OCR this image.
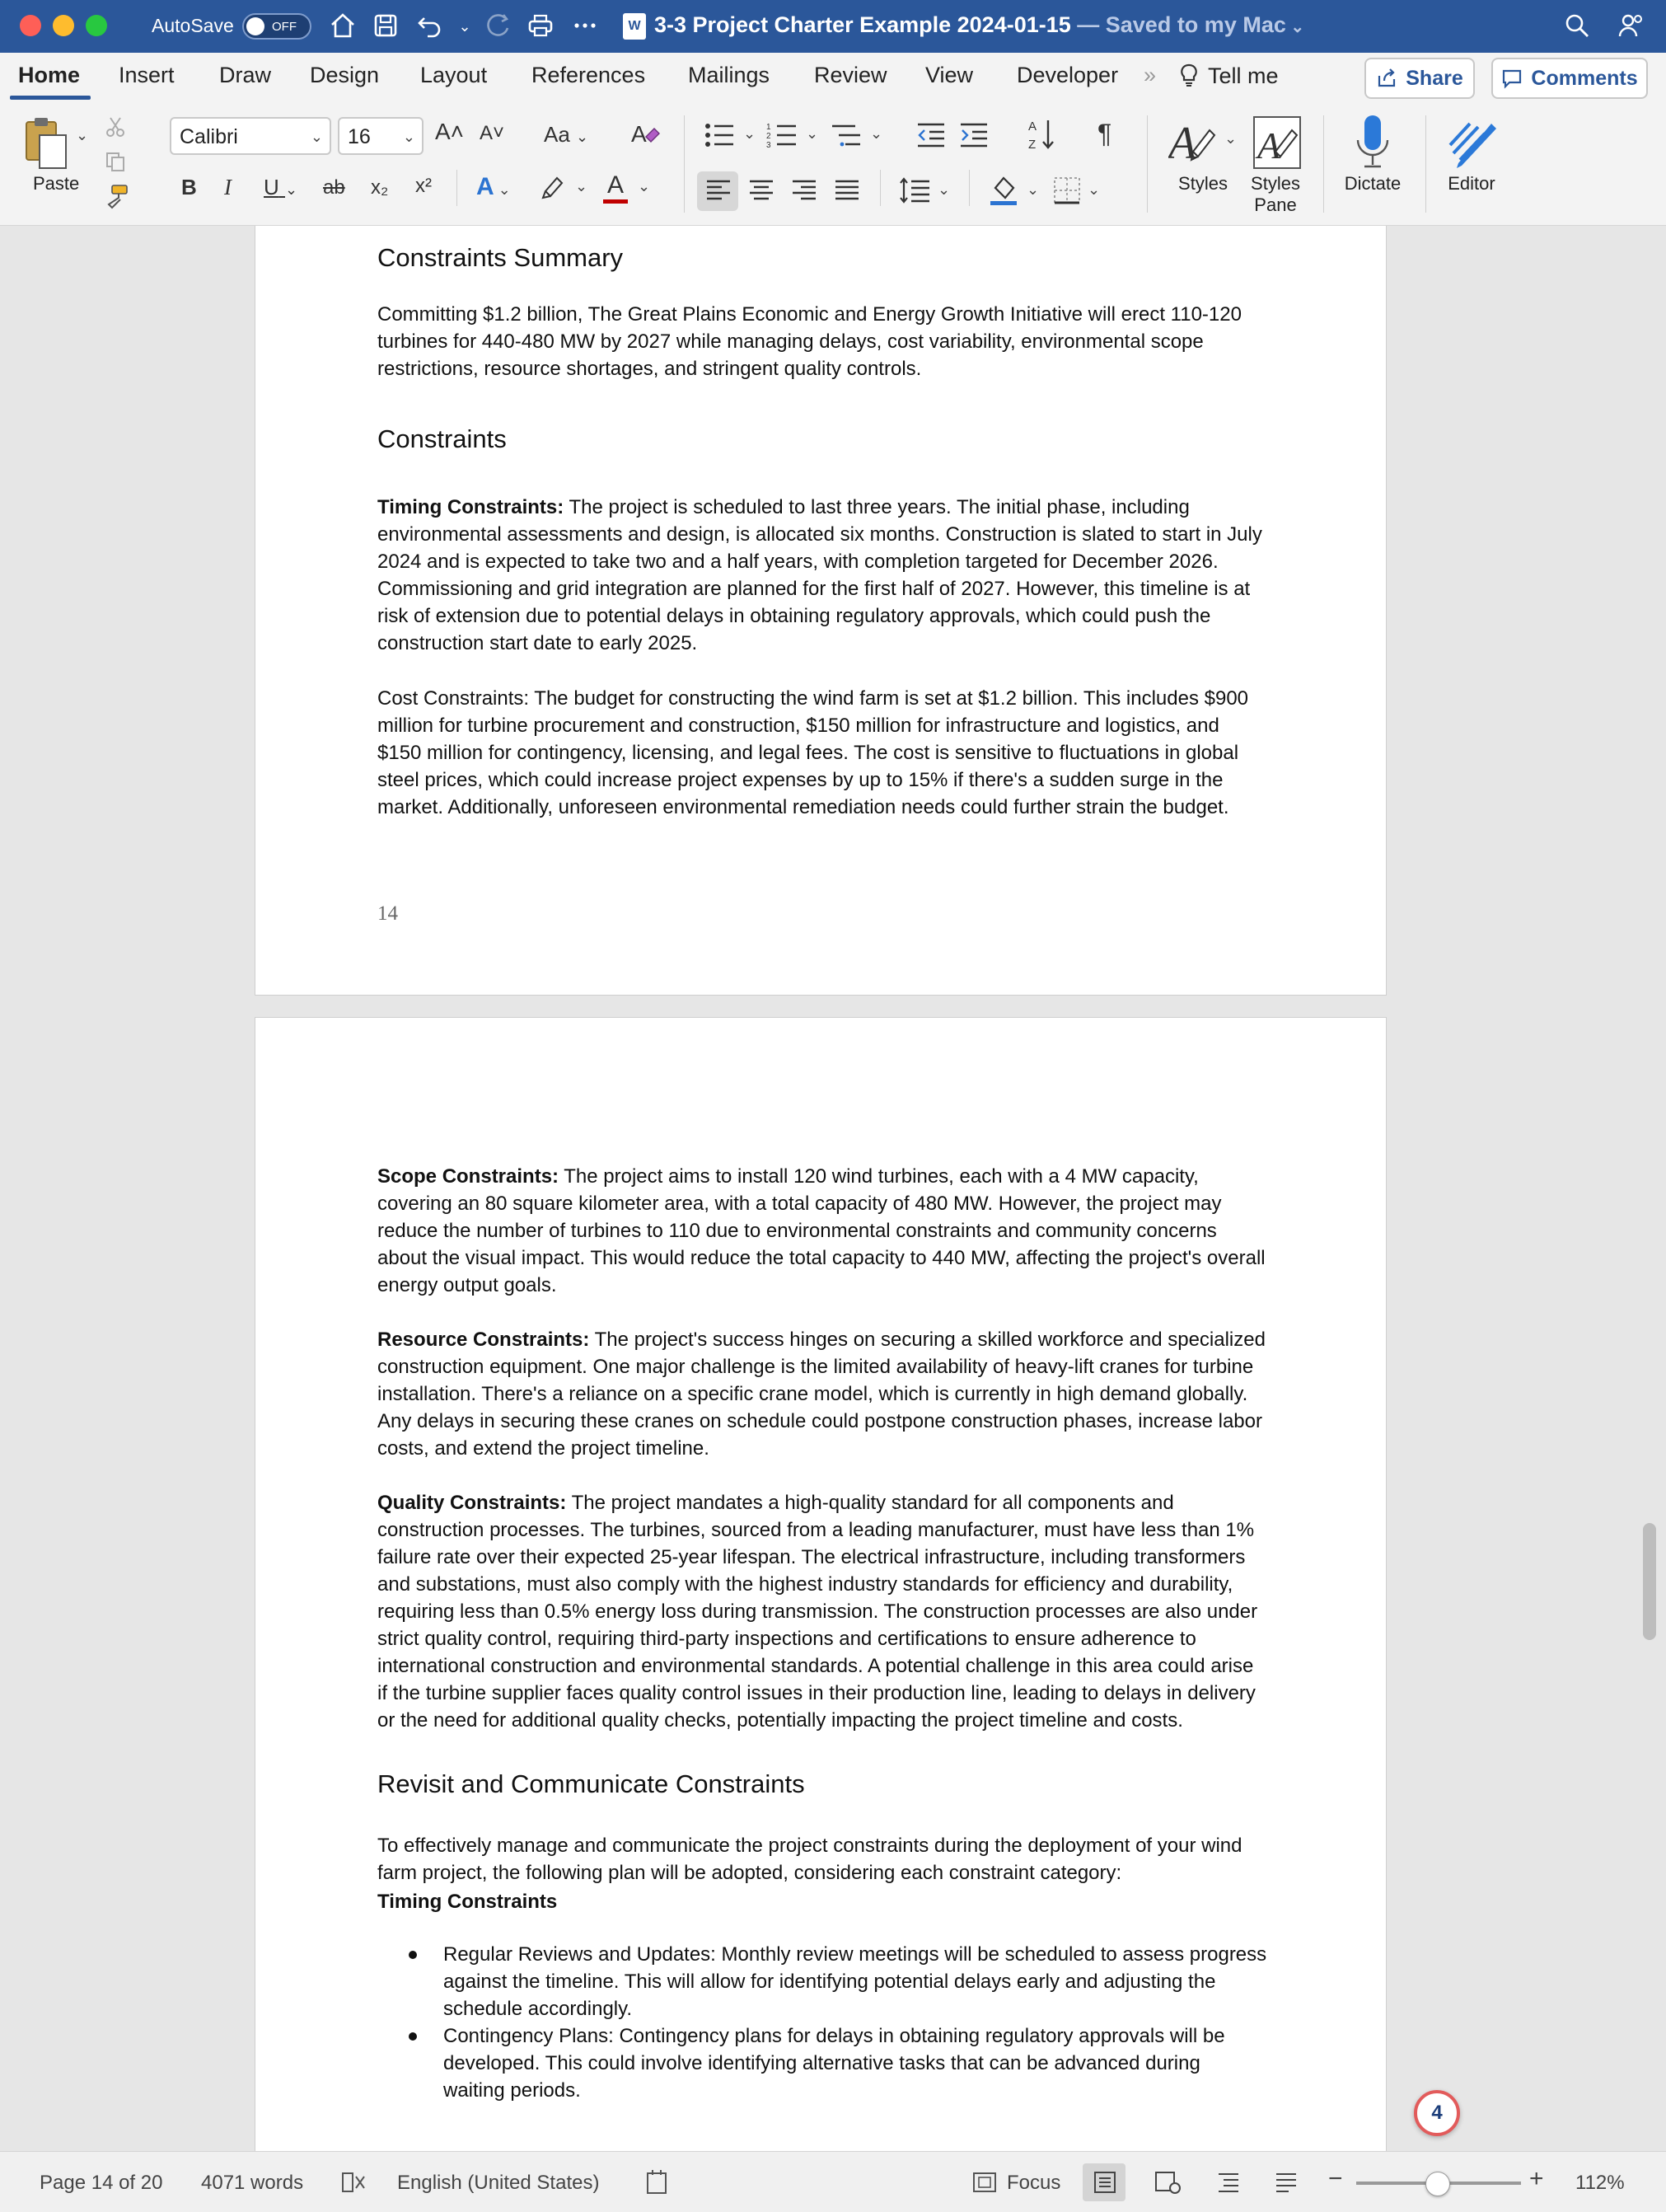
AutoSave	OFF	⌄	W 3-3 Project Charter Example 2024-01-15 — Saved to my Mac ⌄
Home Insert Draw Design Layout References Mailings Review View Developer »	Tell me	Share	Comments
⌄
Paste
Calibri	⌄	16 ⌄ A˄ A˅ Aa ⌄ A
B I U ⌄ ab x₂ x² A ⌄	⌄ A ⌄
⌄ 1
2
3
⌄	⌄	A
Z ¶
⌄	⌄	⌄
A ⌄
Styles
A
Styles Pane
Dictate	Editor
Constraints Summary
Committing $1.2 billion, The Great Plains Economic and Energy Growth Initiative will erect 110-120 turbines for 440-480 MW by 2027 while managing delays, cost variability, environmental scope restrictions, resource shortages, and stringent quality controls.
Constraints
Timing Constraints: The project is scheduled to last three years. The initial phase, including environmental assessments and design, is allocated six months. Construction is slated to start in July 2024 and is expected to take two and a half years, with completion targeted for December 2026. Commissioning and grid integration are planned for the first half of 2027. However, this timeline is at risk of extension due to potential delays in obtaining regulatory approvals, which could push the construction start date to early 2025.
Cost Constraints: The budget for constructing the wind farm is set at $1.2 billion. This includes $900 million for turbine procurement and construction, $150 million for infrastructure and logistics, and $150 million for contingency, licensing, and legal fees. The cost is sensitive to fluctuations in global steel prices, which could increase project expenses by up to 15% if there's a sudden surge in the market. Additionally, unforeseen environmental remediation needs could further strain the budget.
14
Scope Constraints: The project aims to install 120 wind turbines, each with a 4 MW capacity, covering an 80 square kilometer area, with a total capacity of 480 MW. However, the project may reduce the number of turbines to 110 due to environmental constraints and community concerns about the visual impact. This would reduce the total capacity to 440 MW, affecting the project's overall energy output goals.
Resource Constraints: The project's success hinges on securing a skilled workforce and specialized construction equipment. One major challenge is the limited availability of heavy-lift cranes for turbine installation. There's a reliance on a specific crane model, which is currently in high demand globally. Any delays in securing these cranes on schedule could postpone construction phases, increase labor costs, and extend the project timeline.
Quality Constraints: The project mandates a high-quality standard for all components and construction processes. The turbines, sourced from a leading manufacturer, must have less than 1% failure rate over their expected 25-year lifespan. The electrical infrastructure, including transformers and substations, must also comply with the highest industry standards for efficiency and durability, requiring less than 0.5% energy loss during transmission. The construction processes are also under strict quality control, requiring third-party inspections and certifications to ensure adherence to international construction and environmental standards. A potential challenge in this area could arise if the turbine supplier faces quality control issues in their production line, leading to delays in delivery or the need for additional quality checks, potentially impacting the project timeline and costs.
Revisit and Communicate Constraints
To effectively manage and communicate the project constraints during the deployment of your wind farm project, the following plan will be adopted, considering each constraint category:
Timing Constraints
Regular Reviews and Updates: Monthly review meetings will be scheduled to assess progress against the timeline. This will allow for identifying potential delays early and adjusting the schedule accordingly.
Contingency Plans: Contingency plans for delays in obtaining regulatory approvals will be developed. This could involve identifying alternative tasks that can be advanced during waiting periods.
4
Page 14 of 20 4071 words	English (United States)	Focus	−	+ 112%
